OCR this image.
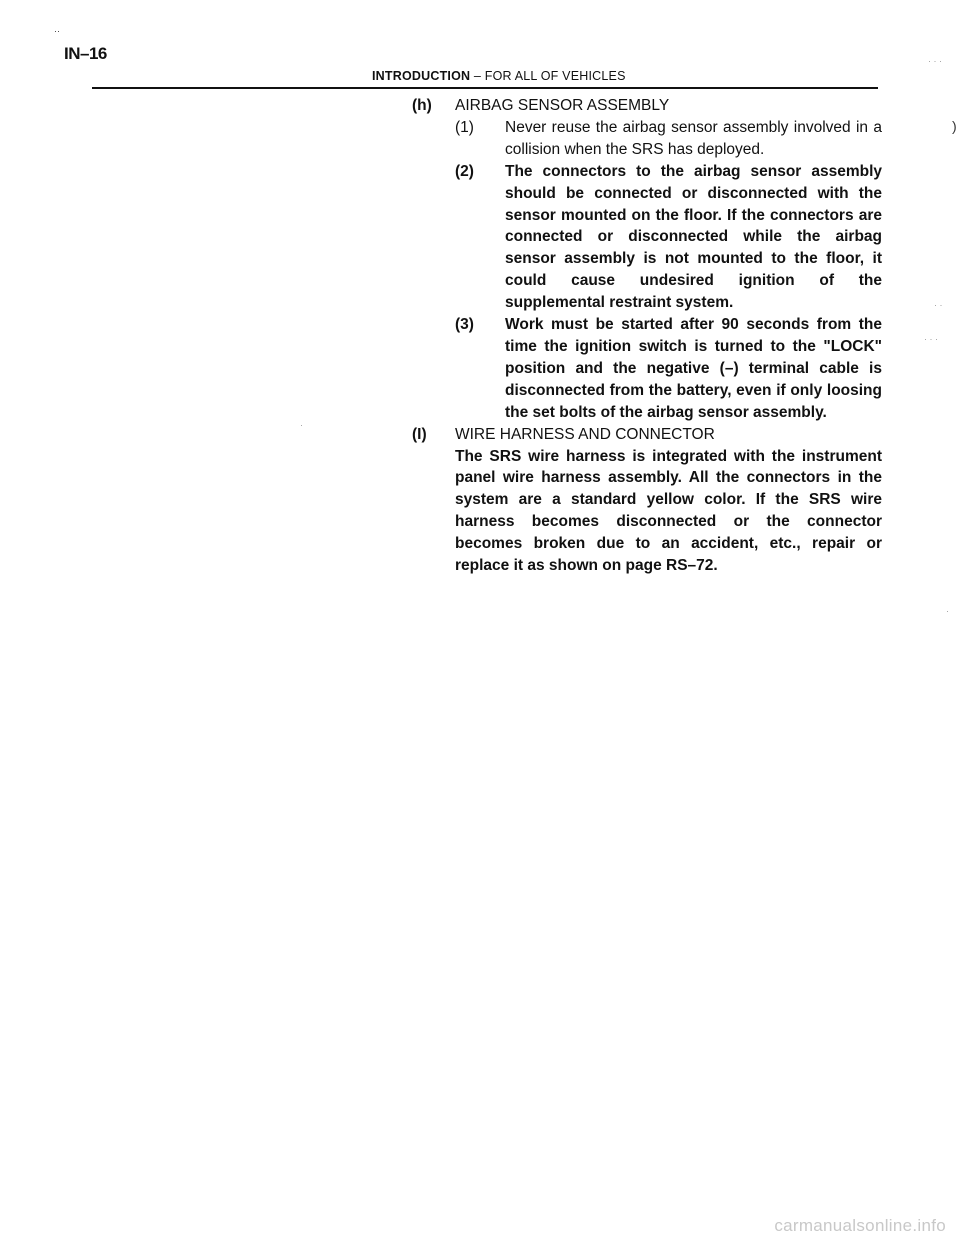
IN–16
INTRODUCTION – FOR ALL OF VEHICLES
(h)	AIRBAG SENSOR ASSEMBLY

(1)	Never reuse the airbag sensor assembly involved in a collision when the SRS has deployed.
(2)	The connectors to the airbag sensor assembly should be connected or disconnected with the sensor mounted on the floor. If the connectors are connected or disconnected while the airbag sensor assembly is not mounted to the floor, it could cause undesired ignition of the supplemental restraint system.
(3)	Work must be started after 90 seconds from the time the ignition switch is turned to the "LOCK" position and the negative (–) terminal cable is disconnected from the battery, even if only loosing the set bolts of the airbag sensor assembly.
(I)	WIRE HARNESS AND CONNECTOR

The SRS wire harness is integrated with the instrument panel wire harness assembly. All the connectors in the system are a standard yellow color. If the SRS wire harness becomes disconnected or the connector becomes broken due to an accident, etc., repair or replace it as shown on page RS–72.

)
· · ·
· ·
· · ·
·
·
··
carmanualsonline.info
